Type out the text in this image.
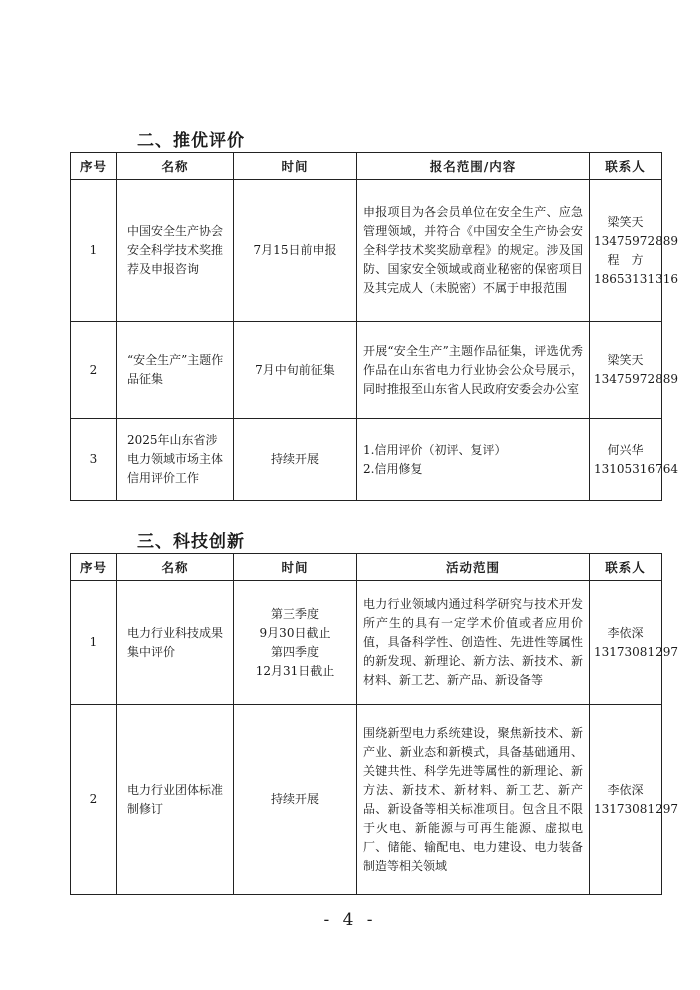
二、推优评价
序号	名称	时间	报名范围/内容	联系人
1	中国安全生产协会安全科学技术奖推荐及申报咨询	7月15日前申报	申报项目为各会员单位在安全生产、应急管理领域，并符合《中国安全生产协会安全科学技术奖奖励章程》的规定。涉及国防、国家安全领域或商业秘密的保密项目及其完成人（未脱密）不属于申报范围	梁笑天
13475972889
程　方
18653131316
2	“安全生产”主题作品征集	7月中旬前征集	开展“安全生产”主题作品征集，评选优秀作品在山东省电力行业协会公众号展示，同时推报至山东省人民政府安委会办公室	梁笑天
13475972889
3	2025年山东省涉电力领域市场主体信用评价工作	持续开展	1.信用评价（初评、复评）
2.信用修复	何兴华
13105316764
三、科技创新
序号	名称	时间	活动范围	联系人
1	电力行业科技成果集中评价	第三季度
9月30日截止
第四季度
12月31日截止	电力行业领域内通过科学研究与技术开发所产生的具有一定学术价值或者应用价值，具备科学性、创造性、先进性等属性的新发现、新理论、新方法、新技术、新材料、新工艺、新产品、新设备等	李依深
13173081297
2	电力行业团体标准制修订	持续开展	围绕新型电力系统建设，聚焦新技术、新产业、新业态和新模式，具备基础通用、关键共性、科学先进等属性的新理论、新方法、新技术、新材料、新工艺、新产品、新设备等相关标准项目。包含且不限于火电、新能源与可再生能源、虚拟电厂、储能、输配电、电力建设、电力装备制造等相关领域	李依深
13173081297
- 4 -
